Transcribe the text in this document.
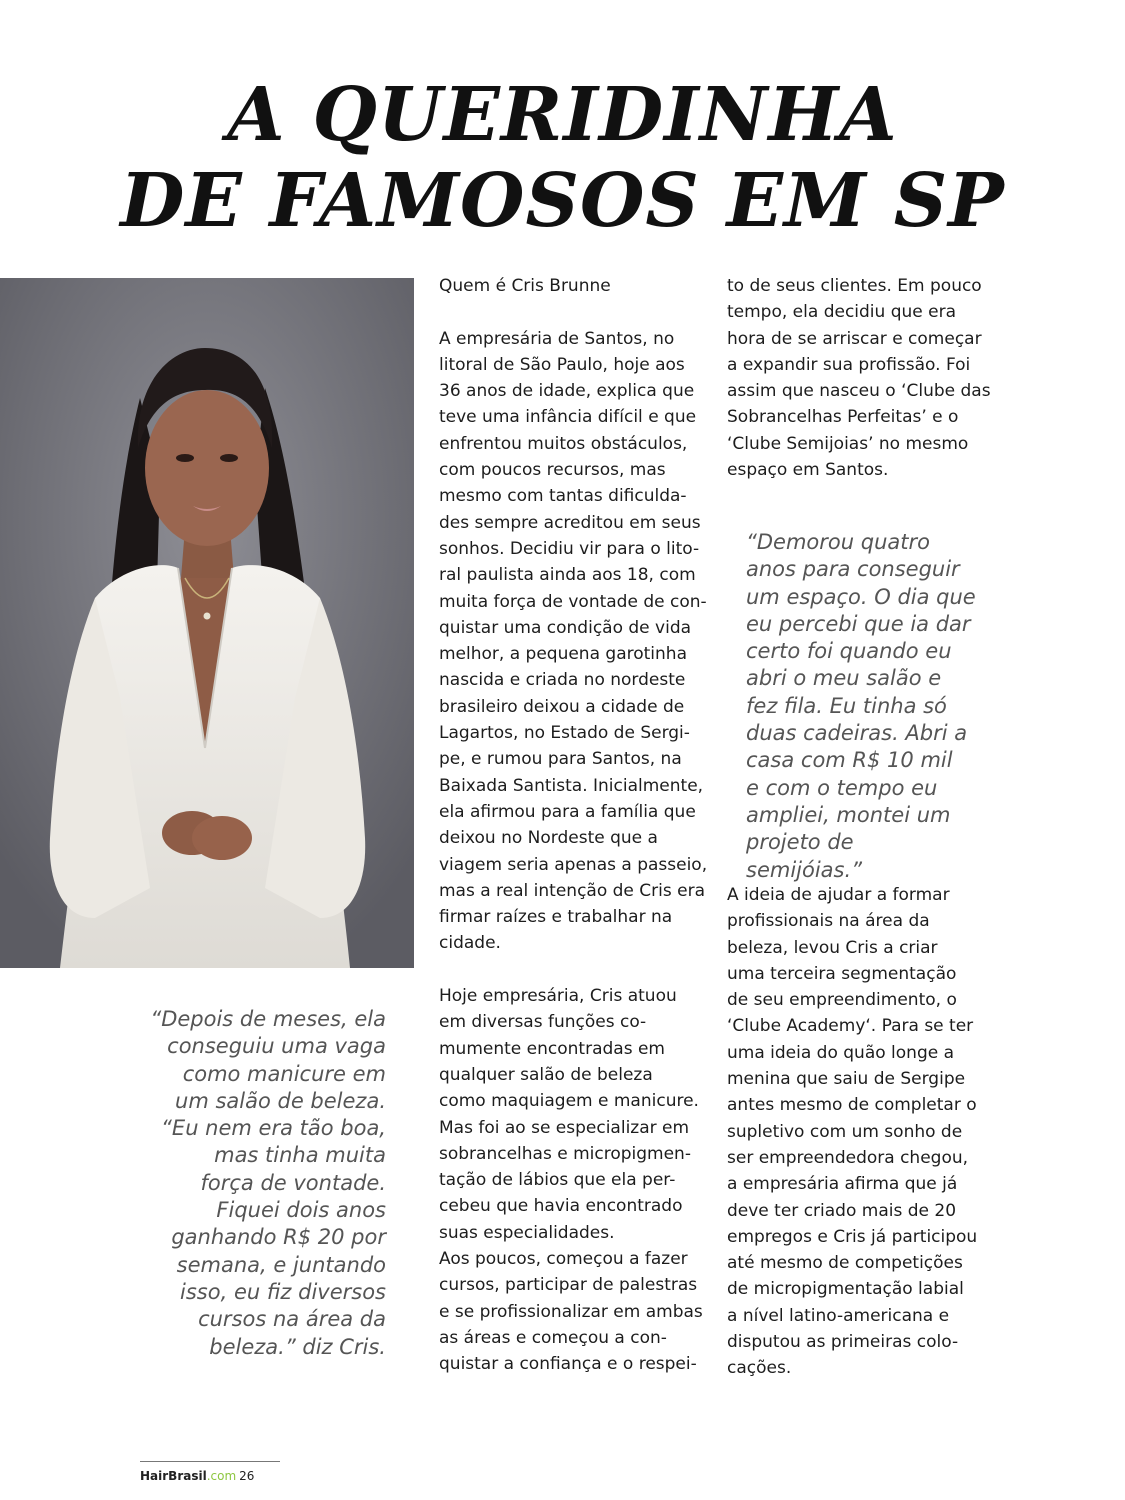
A QUERIDINHA
DE FAMOSOS EM SP

Quem é Cris Brunne

A empresária de Santos, no

litoral de São Paulo, hoje aos

36 anos de idade, explica que

teve uma infância difícil e que

enfrentou muitos obstáculos,

com poucos recursos, mas

mesmo com tantas dificulda-

des sempre acreditou em seus

sonhos. Decidiu vir para o lito-

ral paulista ainda aos 18, com

muita força de vontade de con-

quistar uma condição de vida

melhor, a pequena garotinha

nascida e criada no nordeste

brasileiro deixou a cidade de

Lagartos, no Estado de Sergi-

pe, e rumou para Santos, na

Baixada Santista. Inicialmente,

ela afirmou para a família que

deixou no Nordeste que a

viagem seria apenas a passeio,

mas a real intenção de Cris era

firmar raízes e trabalhar na

cidade.

Hoje empresária, Cris atuou

em diversas funções co-

mumente encontradas em

qualquer salão de beleza

como maquiagem e manicure.

Mas foi ao se especializar em

sobrancelhas e micropigmen-

tação de lábios que ela per-

cebeu que havia encontrado

suas especialidades.

Aos poucos, começou a fazer

cursos, participar de palestras

e se profissionalizar em ambas

as áreas e começou a con-

quistar a confiança e o respei-

to de seus clientes. Em pouco

tempo, ela decidiu que era

hora de se arriscar e começar

a expandir sua profissão. Foi

assim que nasceu o ‘Clube das

Sobrancelhas Perfeitas’ e o

‘Clube Semijoias’ no mesmo

espaço em Santos.

“Demorou quatro

anos para conseguir

um espaço. O dia que

eu percebi que ia dar

certo foi quando eu

abri o meu salão e

fez fila. Eu tinha só

duas cadeiras. Abri a

casa com R$ 10 mil

e com o tempo eu

ampliei, montei um

projeto de semijóias.”

A ideia de ajudar a formar

profissionais na área da

beleza, levou Cris a criar

uma terceira segmentação

de seu empreendimento, o

‘Clube Academy‘. Para se ter

uma ideia do quão longe a

menina que saiu de Sergipe

antes mesmo de completar o

supletivo com um sonho de

ser empreendedora chegou,

a empresária afirma que já

deve ter criado mais de 20

empregos e Cris já participou

até mesmo de competições

de micropigmentação labial

a nível latino-americana e

disputou as primeiras colo-

cações.

“Depois de meses, ela

conseguiu uma vaga

como manicure em

um salão de beleza.

“Eu nem era tão boa,

mas tinha muita

força de vontade.

Fiquei dois anos

ganhando R$ 20 por

semana, e juntando

isso, eu fiz diversos

cursos na área da

beleza.” diz Cris.

HairBrasil.com 26
